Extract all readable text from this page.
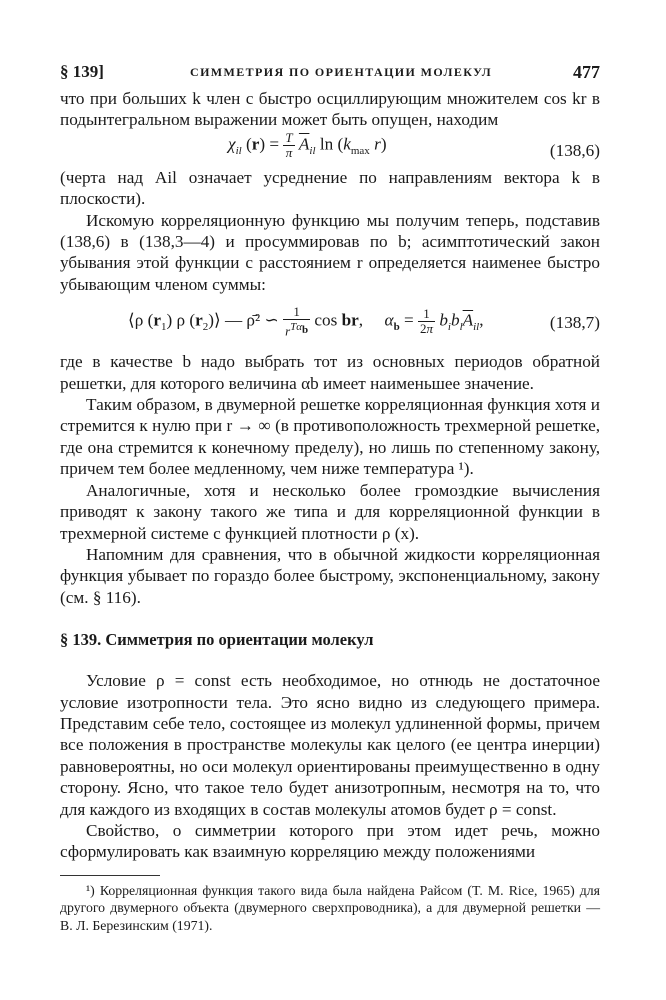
§ 139]	СИММЕТРИЯ ПО ОРИЕНТАЦИИ МОЛЕКУЛ	477

что при больших k член с быстро осциллирующим множителем cos kr в подынтегральном выражении может быть опущен, находим

$\chi_{il}$ $(r) = \frac{T}{\pi} \overline{A}_{il}$ $\ln (k_{max}$ r)	(138,6)

(черта над Ail означает усреднение по направлениям вектора k в плоскости).

Искомую корреляционную функцию мы получим теперь, подставив (138,6) в (138,3—4) и просуммировав по b; асимптотический закон убывания этой функции с расстоянием r определяется наименее быстро убывающим членом суммы:

⟨ρ $(r_1)$ ρ $(r_2)⟩$ — ρ̄² ∽ $\frac{1}{r^{T\alpha_b}}$ cos br,     $\alpha_b = \frac{1}{2\pi} b_ib_l\overline{A}_{il}$,	(138,7)

где в качестве b надо выбрать тот из основных периодов обратной решетки, для которого величина αb имеет наименьшее значение.

Таким образом, в двумерной решетке корреляционная функция хотя и стремится к нулю при r → ∞ (в противоположность трехмерной решетке, где она стремится к конечному пределу), но лишь по степенному закону, причем тем более медленному, чем ниже температура ¹).

Аналогичные, хотя и несколько более громоздкие вычисления приводят к закону такого же типа и для корреляционной функции в трехмерной системе с функцией плотности ρ (x).

Напомним для сравнения, что в обычной жидкости корреляционная функция убывает по гораздо более быстрому, экспоненциальному, закону (см. § 116).

§ 139. Симметрия по ориентации молекул

Условие ρ = const есть необходимое, но отнюдь не достаточное условие изотропности тела. Это ясно видно из следующего примера. Представим себе тело, состоящее из молекул удлиненной формы, причем все положения в пространстве молекулы как целого (ее центра инерции) равновероятны, но оси молекул ориентированы преимущественно в одну сторону. Ясно, что такое тело будет анизотропным, несмотря на то, что для каждого из входящих в состав молекулы атомов будет ρ = const.

Свойство, о симметрии которого при этом идет речь, можно сформулировать как взаимную корреляцию между положениями

¹) Корреляционная функция такого вида была найдена Райсом (T. M. Rice, 1965) для другого двумерного объекта (двумерного сверхпроводника), а для двумерной решетки — В. Л. Березинским (1971).
